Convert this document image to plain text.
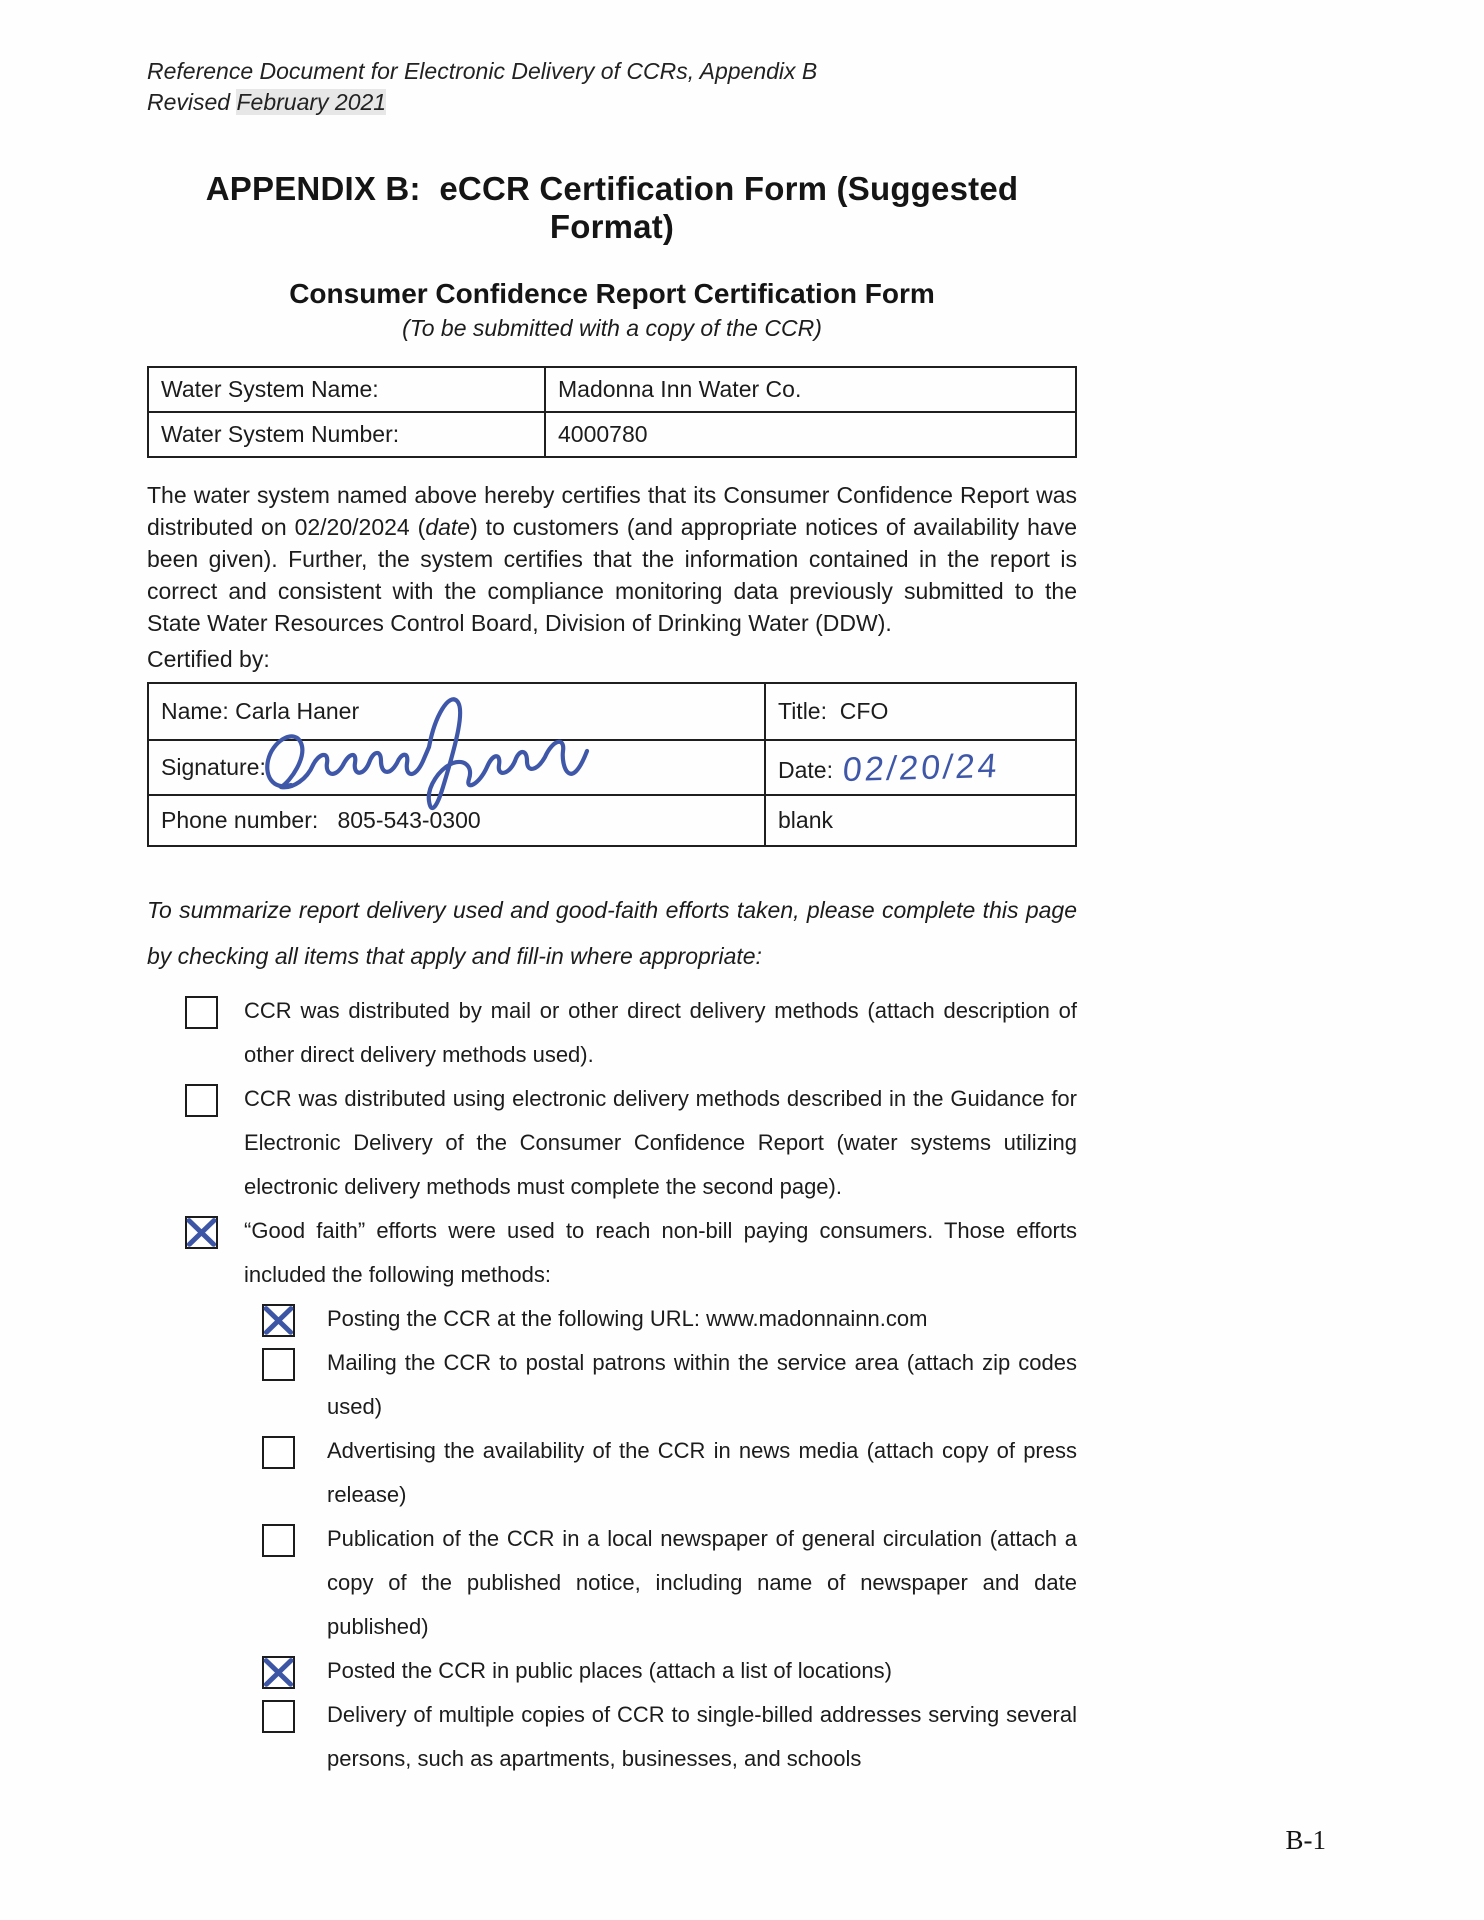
Reference Document for Electronic Delivery of CCRs, Appendix B
Revised February 2021
APPENDIX B:  eCCR Certification Form (Suggested Format)
Consumer Confidence Report Certification Form
(To be submitted with a copy of the CCR)
Water System Name:	Madonna Inn Water Co.
Water System Number:	4000780

The water system named above hereby certifies that its Consumer Confidence Report was distributed on 02/20/2024 (date) to customers (and appropriate notices of availability have been given). Further, the system certifies that the information contained in the report is correct and consistent with the compliance monitoring data previously submitted to the State Water Resources Control Board, Division of Drinking Water (DDW).

Certified by:
Name: Carla Haner	Title: CFO
Signature:	Date: 02/20/24
Phone number: 805-543-0300	blank

To summarize report delivery used and good-faith efforts taken, please complete this page by checking all items that apply and fill-in where appropriate:

CCR was distributed by mail or other direct delivery methods (attach description of other direct delivery methods used).
CCR was distributed using electronic delivery methods described in the Guidance for Electronic Delivery of the Consumer Confidence Report (water systems utilizing electronic delivery methods must complete the second page).
“Good faith” efforts were used to reach non-bill paying consumers. Those efforts included the following methods:
Posting the CCR at the following URL: www.madonnainn.com
Mailing the CCR to postal patrons within the service area (attach zip codes used)
Advertising the availability of the CCR in news media (attach copy of press release)
Publication of the CCR in a local newspaper of general circulation (attach a copy of the published notice, including name of newspaper and date published)
Posted the CCR in public places (attach a list of locations)
Delivery of multiple copies of CCR to single-billed addresses serving several persons, such as apartments, businesses, and schools
B-1
